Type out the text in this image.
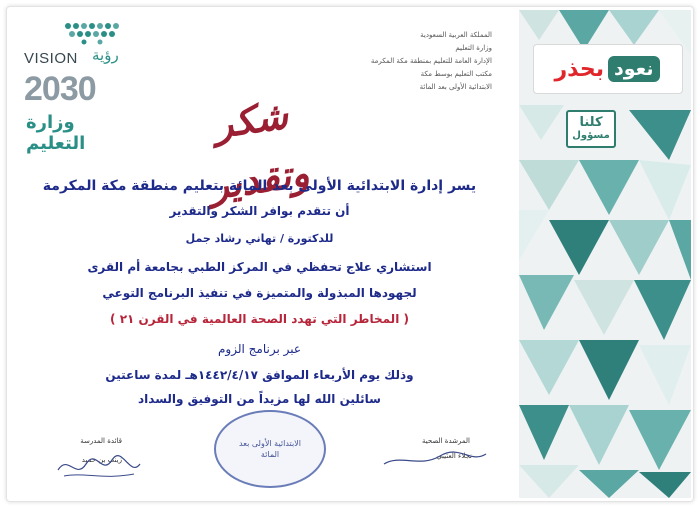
نعود
بحذر
كلنا
مسؤول
VISION رؤية
2030
وزارة التعليم
المملكة العربية السعودية
وزارة التعليم
الإدارة العامة للتعليم بمنطقة مكة المكرمة
مكتب التعليم بوسط مكة
الابتدائية الأولى بعد المائة
شكر وتقدير
يسر إدارة الابتدائية الأولى بعد المائة بتعليم منطقة مكة المكرمة
أن تتقدم بوافر الشكر والتقدير
للدكتورة / تهاني رشاد جمل
استشاري علاج تحفظي في المركز الطبي بجامعة أم القرى
لجهودها المبذولة والمتميزة في تنفيذ البرنامج التوعي
( المخاطر التي تهدد الصحة العالمية في القرن ٢١ )
عبر برنامج الزوم
وذلك يوم الأربعاء الموافق ١٤٤٢/٤/١٧هـ لمدة ساعتين
سائلين الله لها مزيداً من التوفيق والسداد
قائدة المدرسة
زينب بن حميد
المرشدة الصحية
نجلاء العتيبي
الابتدائية الأولى بعد المائة
